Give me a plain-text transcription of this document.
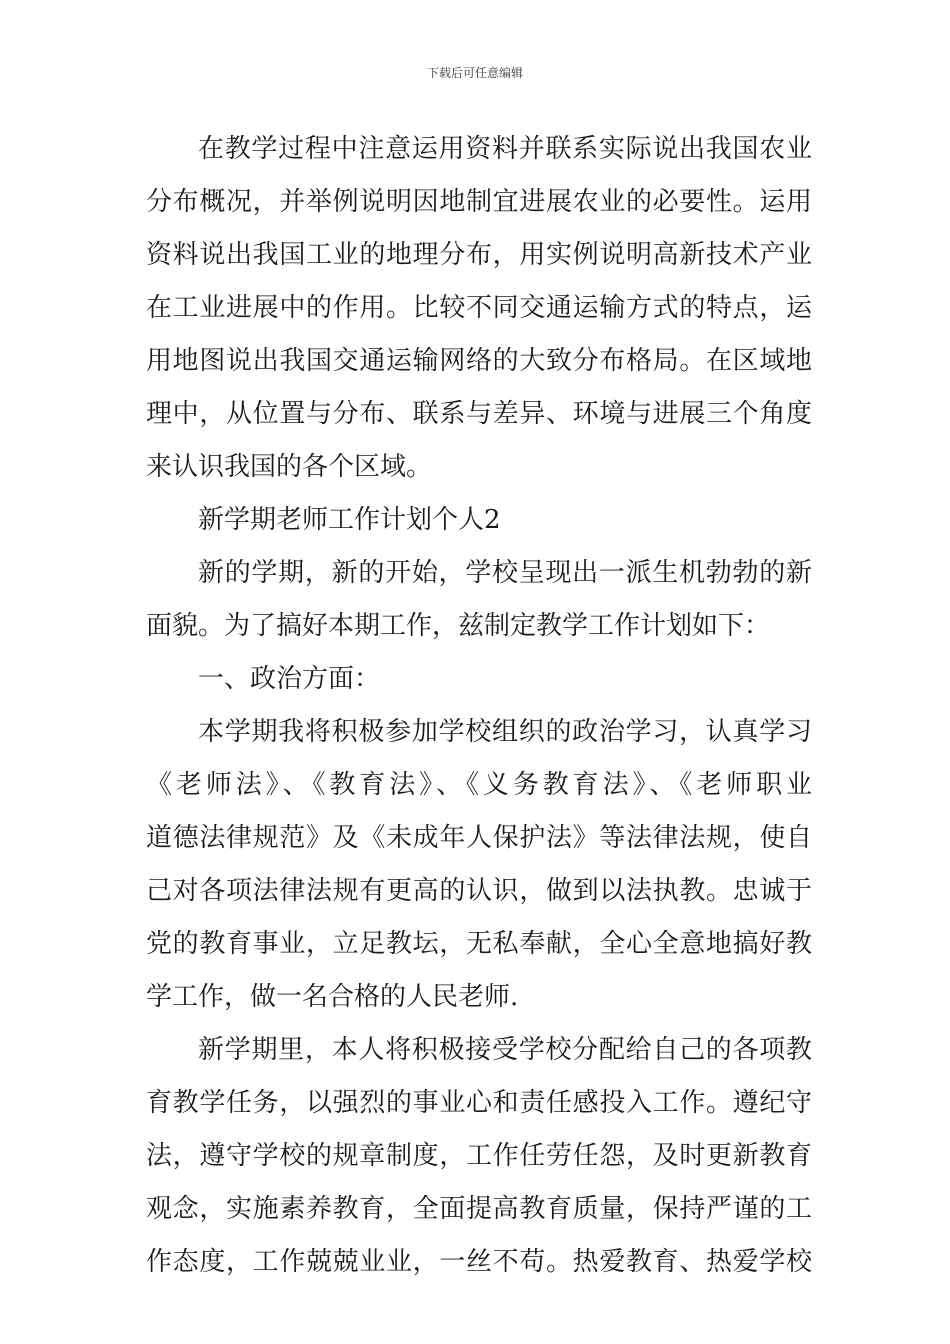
下载后可任意编辑
在教学过程中注意运用资料并联系实际说出我国农业
分布概况，并举例说明因地制宜进展农业的必要性。运用
资料说出我国工业的地理分布，用实例说明高新技术产业
在工业进展中的作用。比较不同交通运输方式的特点，运
用地图说出我国交通运输网络的大致分布格局。在区域地
理中，从位置与分布、联系与差异、环境与进展三个角度
来认识我国的各个区域。
新学期老师工作计划个人2
新的学期，新的开始，学校呈现出一派生机勃勃的新
面貌。为了搞好本期工作，兹制定教学工作计划如下：
一、政治方面：
本学期我将积极参加学校组织的政治学习，认真学习
《老师法》、《教育法》、《义务教育法》、《老师职业
道德法律规范》及《未成年人保护法》等法律法规，使自
己对各项法律法规有更高的认识，做到以法执教。忠诚于
党的教育事业，立足教坛，无私奉献，全心全意地搞好教
学工作，做一名合格的人民老师.
新学期里，本人将积极接受学校分配给自己的各项教
育教学任务，以强烈的事业心和责任感投入工作。遵纪守
法，遵守学校的规章制度，工作任劳任怨，及时更新教育
观念，实施素养教育，全面提高教育质量，保持严谨的工
作态度，工作兢兢业业，一丝不苟。热爱教育、热爱学校
